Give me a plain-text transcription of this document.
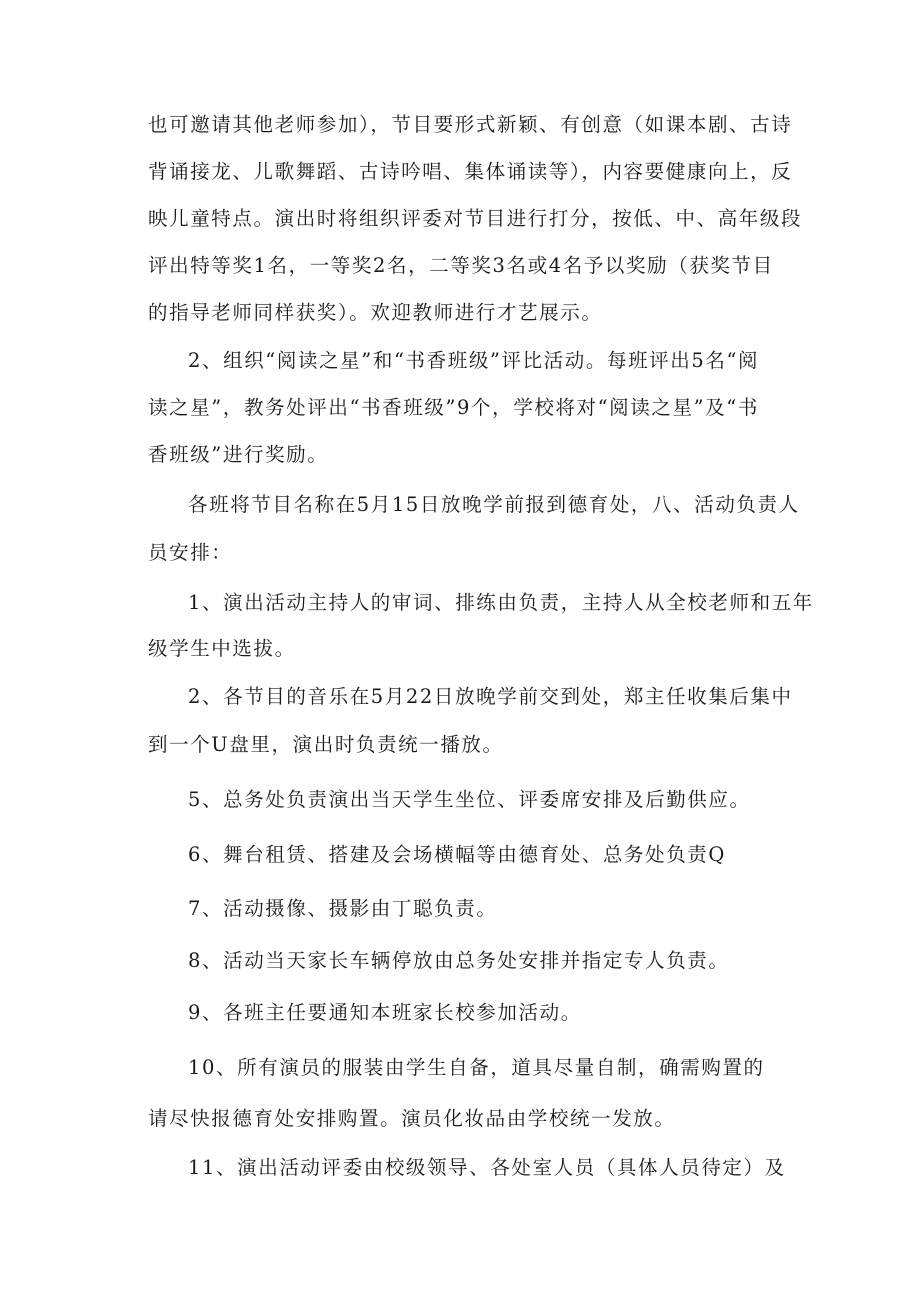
也可邀请其他老师参加），节目要形式新颖、有创意（如课本剧、古诗
背诵接龙、儿歌舞蹈、古诗吟唱、集体诵读等），内容要健康向上，反
映儿童特点。演出时将组织评委对节目进行打分，按低、中、高年级段
评出特等奖1名，一等奖2名，二等奖3名或4名予以奖励（获奖节目
的指导老师同样获奖）。欢迎教师进行才艺展示。
2、组织“阅读之星”和“书香班级”评比活动。每班评出5名“阅
读之星”，教务处评出“书香班级”9个，学校将对“阅读之星”及“书
香班级”进行奖励。
各班将节目名称在5月15日放晚学前报到德育处，八、活动负责人
员安排：
1、演出活动主持人的审词、排练由负责，主持人从全校老师和五年
级学生中选拔。
2、各节目的音乐在5月22日放晚学前交到处，郑主任收集后集中
到一个U盘里，演出时负责统一播放。
5、总务处负责演出当天学生坐位、评委席安排及后勤供应。
6、舞台租赁、搭建及会场横幅等由德育处、总务处负责Q
7、活动摄像、摄影由丁聪负责。
8、活动当天家长车辆停放由总务处安排并指定专人负责。
9、各班主任要通知本班家长校参加活动。
10、所有演员的服装由学生自备，道具尽量自制，确需购置的
请尽快报德育处安排购置。演员化妆品由学校统一发放。
11、演出活动评委由校级领导、各处室人员（具体人员待定）及
